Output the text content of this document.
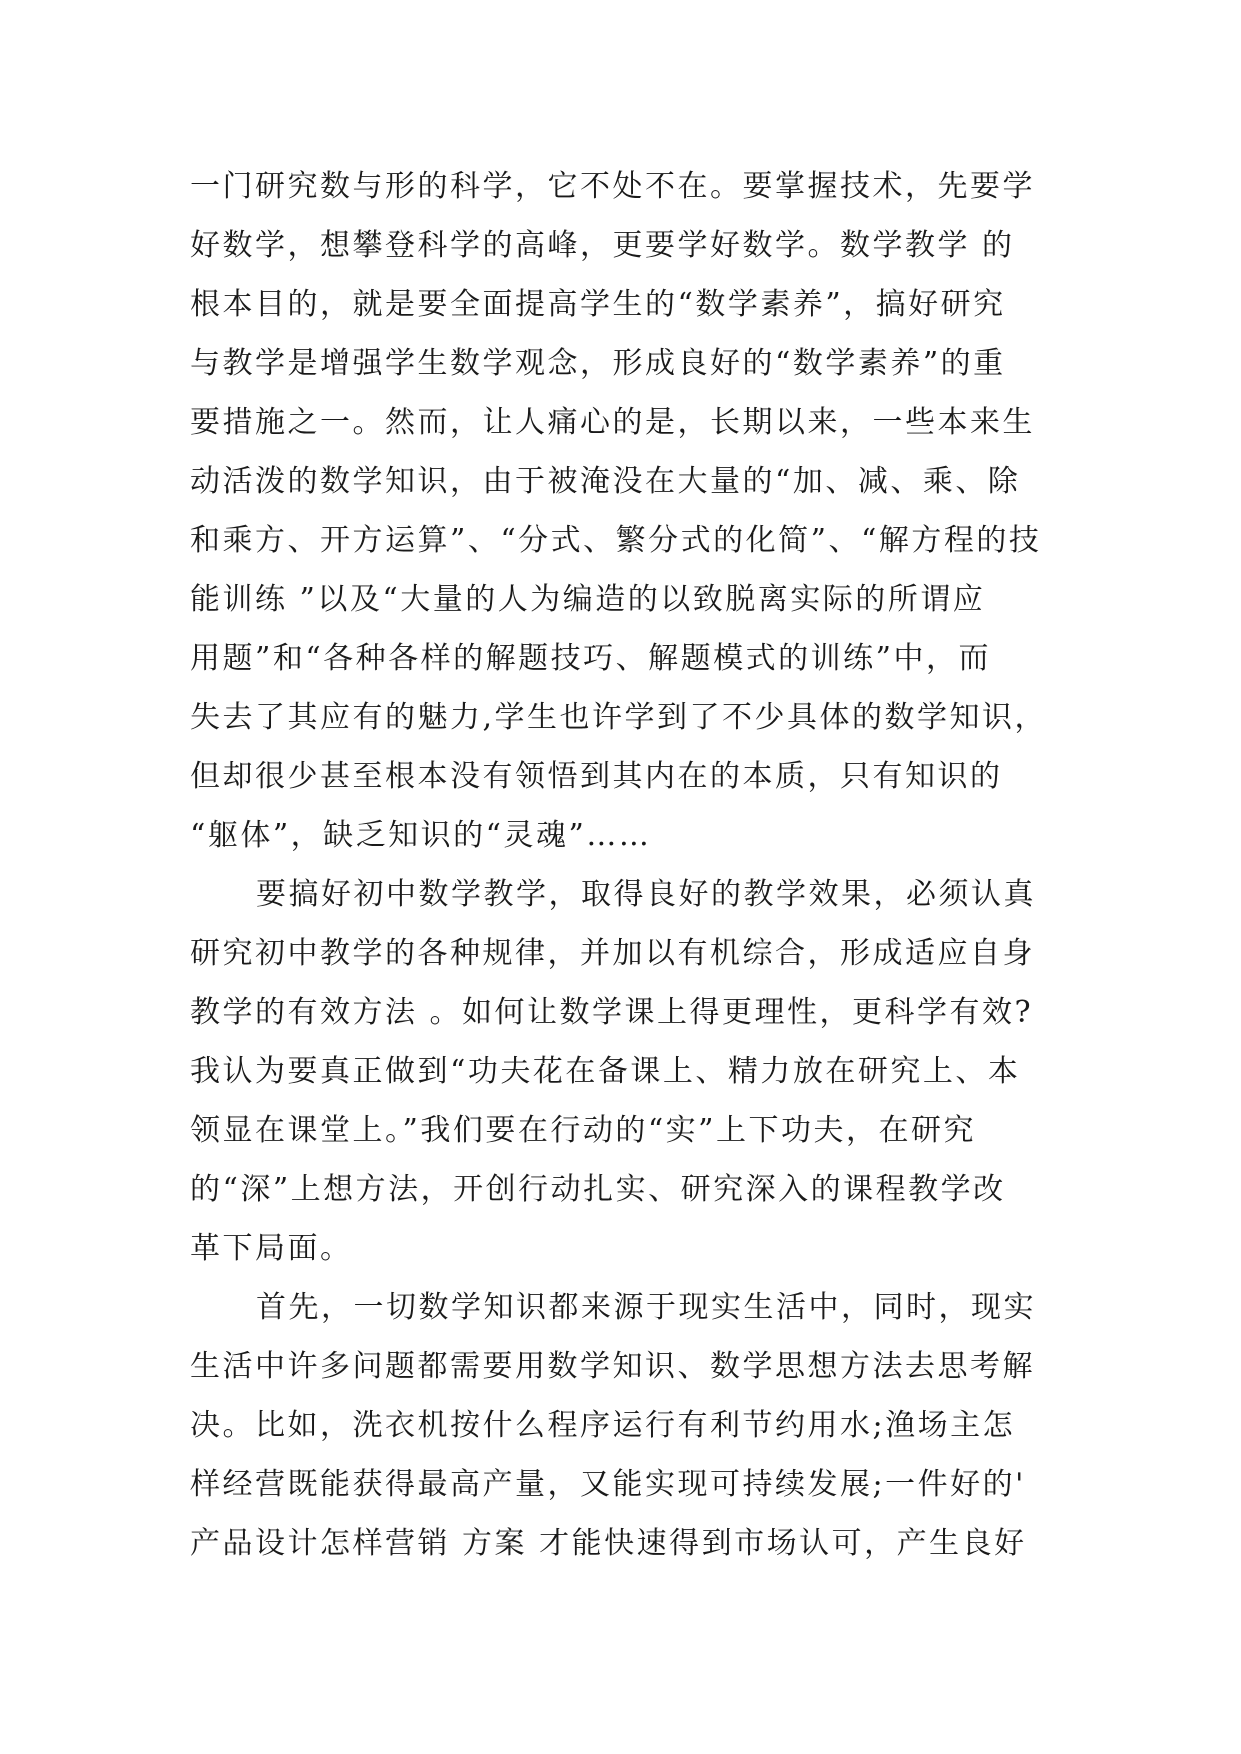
一门研究数与形的科学，它不处不在。要掌握技术，先要学
好数学，想攀登科学的高峰，更要学好数学。数学教学 的
根本目的，就是要全面提高学生的“数学素养”，搞好研究
与教学是增强学生数学观念，形成良好的“数学素养”的重
要措施之一。然而，让人痛心的是，长期以来，一些本来生
动活泼的数学知识，由于被淹没在大量的“加、减、乘、除
和乘方、开方运算”、“分式、繁分式的化简”、“解方程的技
能训练 ”以及“大量的人为编造的以致脱离实际的所谓应
用题”和“各种各样的解题技巧、解题模式的训练”中，而
失去了其应有的魅力,学生也许学到了不少具体的数学知识，
但却很少甚至根本没有领悟到其内在的本质，只有知识的
“躯体”，缺乏知识的“灵魂”……
要搞好初中数学教学，取得良好的教学效果，必须认真
研究初中教学的各种规律，并加以有机综合，形成适应自身
教学的有效方法 。如何让数学课上得更理性，更科学有效?
我认为要真正做到“功夫花在备课上、精力放在研究上、本
领显在课堂上。”我们要在行动的“实”上下功夫，在研究
的“深”上想方法，开创行动扎实、研究深入的课程教学改
革下局面。
首先，一切数学知识都来源于现实生活中，同时，现实
生活中许多问题都需要用数学知识、数学思想方法去思考解
决。比如，洗衣机按什么程序运行有利节约用水;渔场主怎
样经营既能获得最高产量，又能实现可持续发展;一件好的'
产品设计怎样营销 方案 才能快速得到市场认可，产生良好
